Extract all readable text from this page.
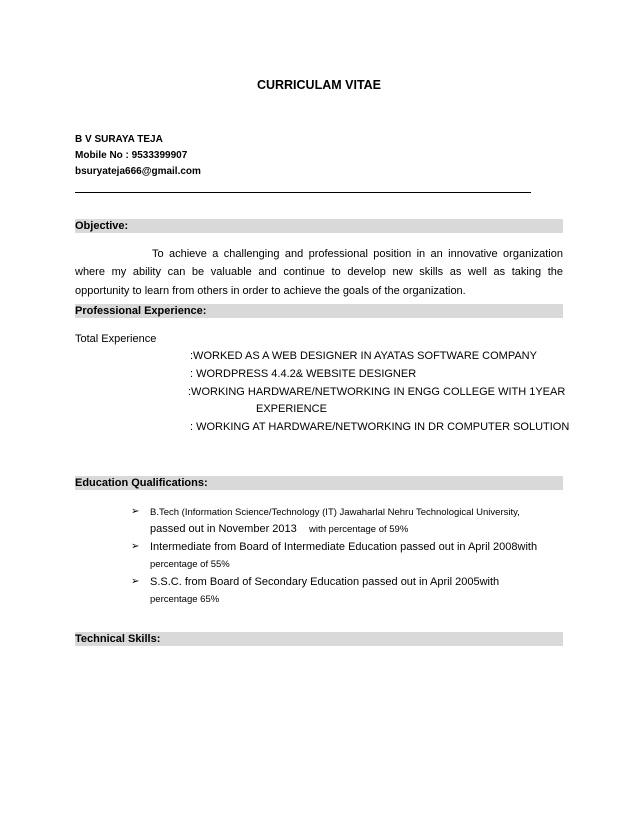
CURRICULAM VITAE
B V SURAYA TEJA
Mobile No : 9533399907
bsuryateja666@gmail.com
Objective:
To achieve a challenging and professional position in an innovative organization
where my ability can be valuable and continue to develop new skills as well as taking the
opportunity to learn from others in order to achieve the goals of the organization.
Professional Experience:
Total Experience
:WORKED AS A WEB DESIGNER IN AYATAS SOFTWARE COMPANY
: WORDPRESS 4.4.2& WEBSITE DESIGNER
:WORKING HARDWARE/NETWORKING IN ENGG COLLEGE WITH 1YEAR
EXPERIENCE
: WORKING AT HARDWARE/NETWORKING IN DR COMPUTER SOLUTION
Education Qualifications:
➢ B.Tech (Information Science/Technology (IT) Jawaharlal Nehru Technological University,
passed out in November 2013 with percentage of 59%
➢ Intermediate from Board of Intermediate Education passed out in April 2008with
percentage of 55%
➢ S.S.C. from Board of Secondary Education passed out in April 2005with
percentage 65%
Technical Skills:
